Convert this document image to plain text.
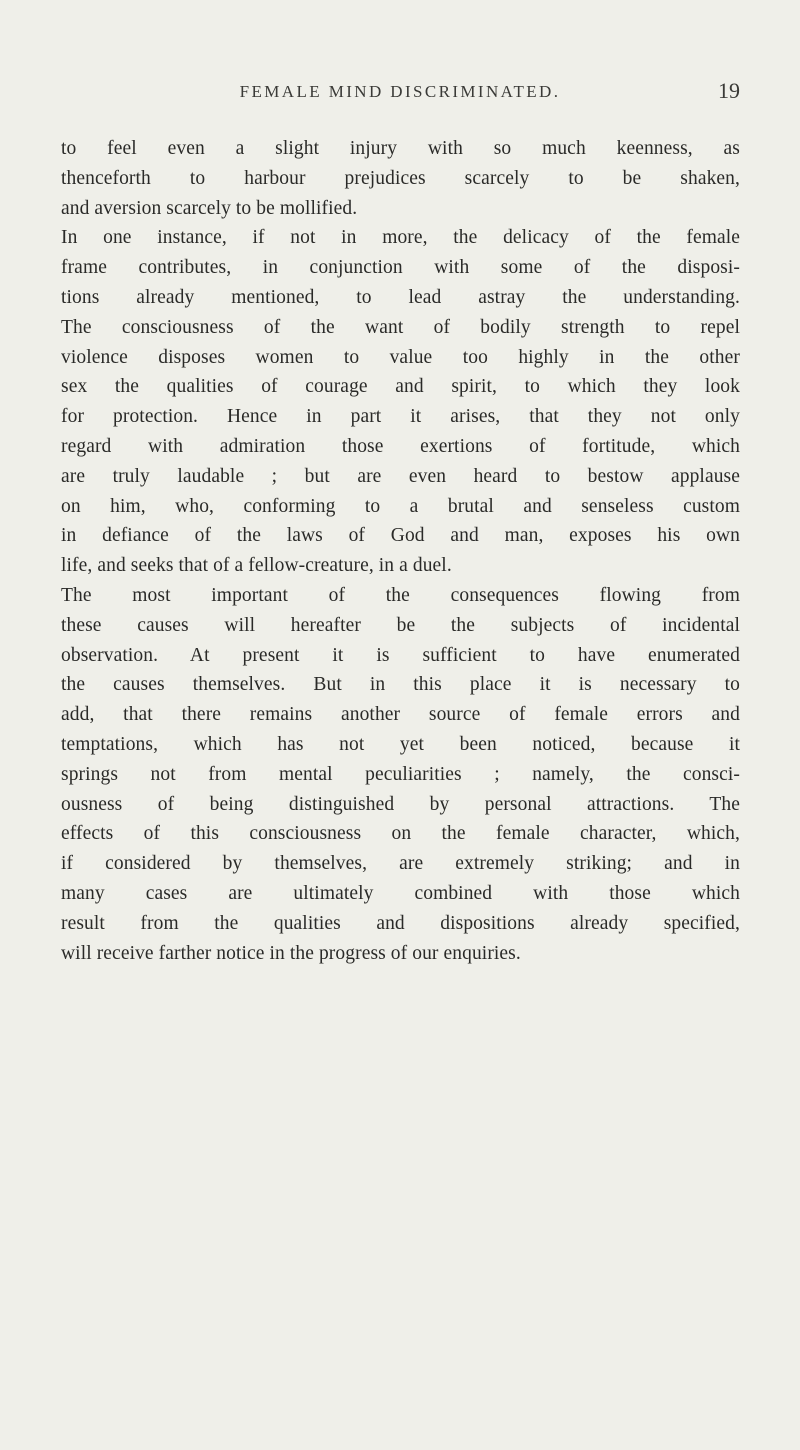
FEMALE MIND DISCRIMINATED.	19
to feel even a slight injury with so much keenness, as
thenceforth to harbour prejudices scarcely to be shaken,
and aversion scarcely to be mollified.
In one instance, if not in more, the delicacy of the female
frame contributes, in conjunction with some of the disposi-
tions already mentioned, to lead astray the understanding.
The consciousness of the want of bodily strength to repel
violence disposes women to value too highly in the other
sex the qualities of courage and spirit, to which they look
for protection. Hence in part it arises, that they not only
regard with admiration those exertions of fortitude, which
are truly laudable ; but are even heard to bestow applause
on him, who, conforming to a brutal and senseless custom
in defiance of the laws of God and man, exposes his own
life, and seeks that of a fellow-creature, in a duel.
The most important of the consequences flowing from
these causes will hereafter be the subjects of incidental
observation. At present it is sufficient to have enumerated
the causes themselves. But in this place it is necessary to
add, that there remains another source of female errors and
temptations, which has not yet been noticed, because it
springs not from mental peculiarities ; namely, the consci-
ousness of being distinguished by personal attractions. The
effects of this consciousness on the female character, which,
if considered by themselves, are extremely striking; and in
many cases are ultimately combined with those which
result from the qualities and dispositions already specified,
will receive farther notice in the progress of our enquiries.
